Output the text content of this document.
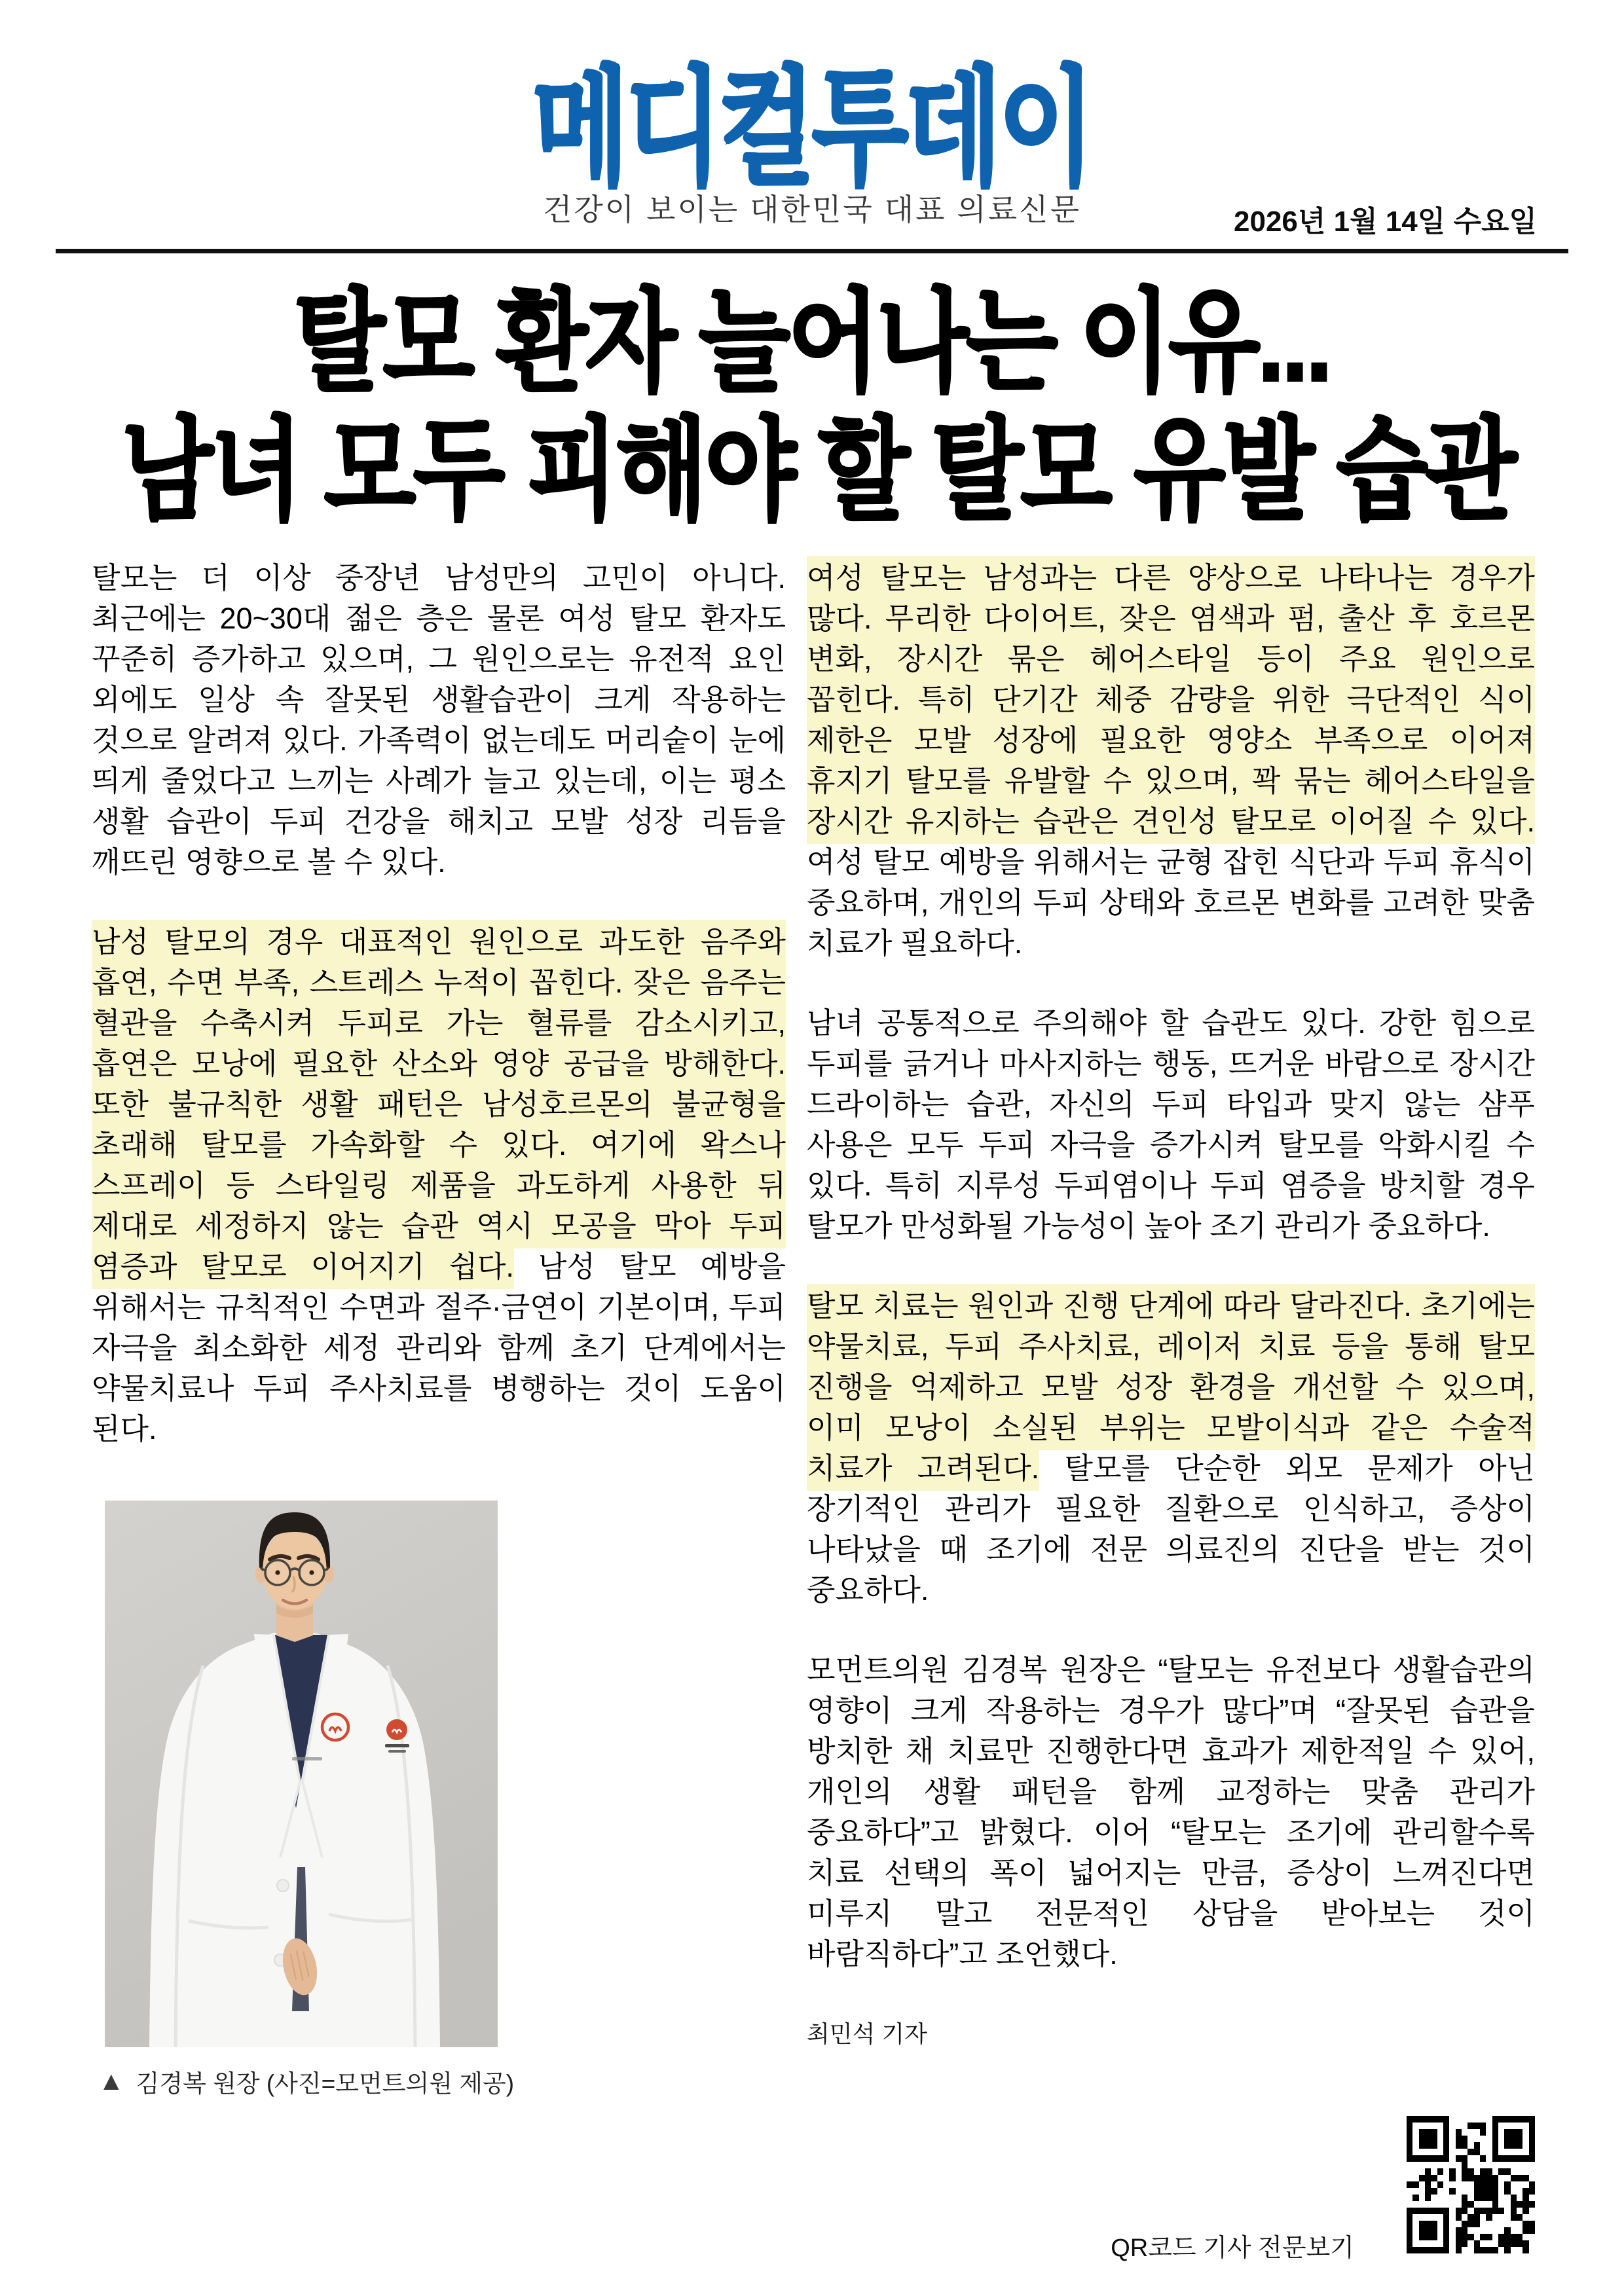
메디컬투데이
건강이 보이는 대한민국 대표 의료신문	2026년 1월 14일 수요일
탈모 환자 늘어나는 이유...
남녀 모두 피해야 할 탈모 유발 습관

탈모는 더 이상 중장년 남성만의 고민이 아니다. 최근에는 20~30대 젊은 층은 물론 여성 탈모 환자도 꾸준히 증가하고 있으며, 그 원인으로는 유전적 요인 외에도 일상 속 잘못된 생활습관이 크게 작용하는 것으로 알려져 있다. 가족력이 없는데도 머리숱이 눈에 띄게 줄었다고 느끼는 사례가 늘고 있는데, 이는 평소 생활 습관이 두피 건강을 해치고 모발 성장 리듬을 깨뜨린 영향으로 볼 수 있다.

남성 탈모의 경우 대표적인 원인으로 과도한 음주와 흡연, 수면 부족, 스트레스 누적이 꼽힌다. 잦은 음주는 혈관을 수축시켜 두피로 가는 혈류를 감소시키고, 흡연은 모낭에 필요한 산소와 영양 공급을 방해한다. 또한 불규칙한 생활 패턴은 남성호르몬의 불균형을 초래해 탈모를 가속화할 수 있다. 여기에 왁스나 스프레이 등 스타일링 제품을 과도하게 사용한 뒤 제대로 세정하지 않는 습관 역시 모공을 막아 두피 염증과 탈모로 이어지기 쉽다. 남성 탈모 예방을 위해서는 규칙적인 수면과 절주·금연이 기본이며, 두피 자극을 최소화한 세정 관리와 함께 초기 단계에서는 약물치료나 두피 주사치료를 병행하는 것이 도움이 된다.

여성 탈모는 남성과는 다른 양상으로 나타나는 경우가 많다. 무리한 다이어트, 잦은 염색과 펌, 출산 후 호르몬 변화, 장시간 묶은 헤어스타일 등이 주요 원인으로 꼽힌다. 특히 단기간 체중 감량을 위한 극단적인 식이 제한은 모발 성장에 필요한 영양소 부족으로 이어져 휴지기 탈모를 유발할 수 있으며, 꽉 묶는 헤어스타일을 장시간 유지하는 습관은 견인성 탈모로 이어질 수 있다. 여성 탈모 예방을 위해서는 균형 잡힌 식단과 두피 휴식이 중요하며, 개인의 두피 상태와 호르몬 변화를 고려한 맞춤 치료가 필요하다.

남녀 공통적으로 주의해야 할 습관도 있다. 강한 힘으로 두피를 긁거나 마사지하는 행동, 뜨거운 바람으로 장시간 드라이하는 습관, 자신의 두피 타입과 맞지 않는 샴푸 사용은 모두 두피 자극을 증가시켜 탈모를 악화시킬 수 있다. 특히 지루성 두피염이나 두피 염증을 방치할 경우 탈모가 만성화될 가능성이 높아 조기 관리가 중요하다.

탈모 치료는 원인과 진행 단계에 따라 달라진다. 초기에는 약물치료, 두피 주사치료, 레이저 치료 등을 통해 탈모 진행을 억제하고 모발 성장 환경을 개선할 수 있으며, 이미 모낭이 소실된 부위는 모발이식과 같은 수술적 치료가 고려된다. 탈모를 단순한 외모 문제가 아닌 장기적인 관리가 필요한 질환으로 인식하고, 증상이 나타났을 때 조기에 전문 의료진의 진단을 받는 것이 중요하다.

모먼트의원 김경복 원장은 “탈모는 유전보다 생활습관의 영향이 크게 작용하는 경우가 많다”며 “잘못된 습관을 방치한 채 치료만 진행한다면 효과가 제한적일 수 있어, 개인의 생활 패턴을 함께 교정하는 맞춤 관리가 중요하다”고 밝혔다. 이어 “탈모는 조기에 관리할수록 치료 선택의 폭이 넓어지는 만큼, 증상이 느껴진다면 미루지 말고 전문적인 상담을 받아보는 것이 바람직하다”고 조언했다.

최민석 기자
▲ 김경복 원장 (사진=모먼트의원 제공)
QR코드 기사 전문보기
